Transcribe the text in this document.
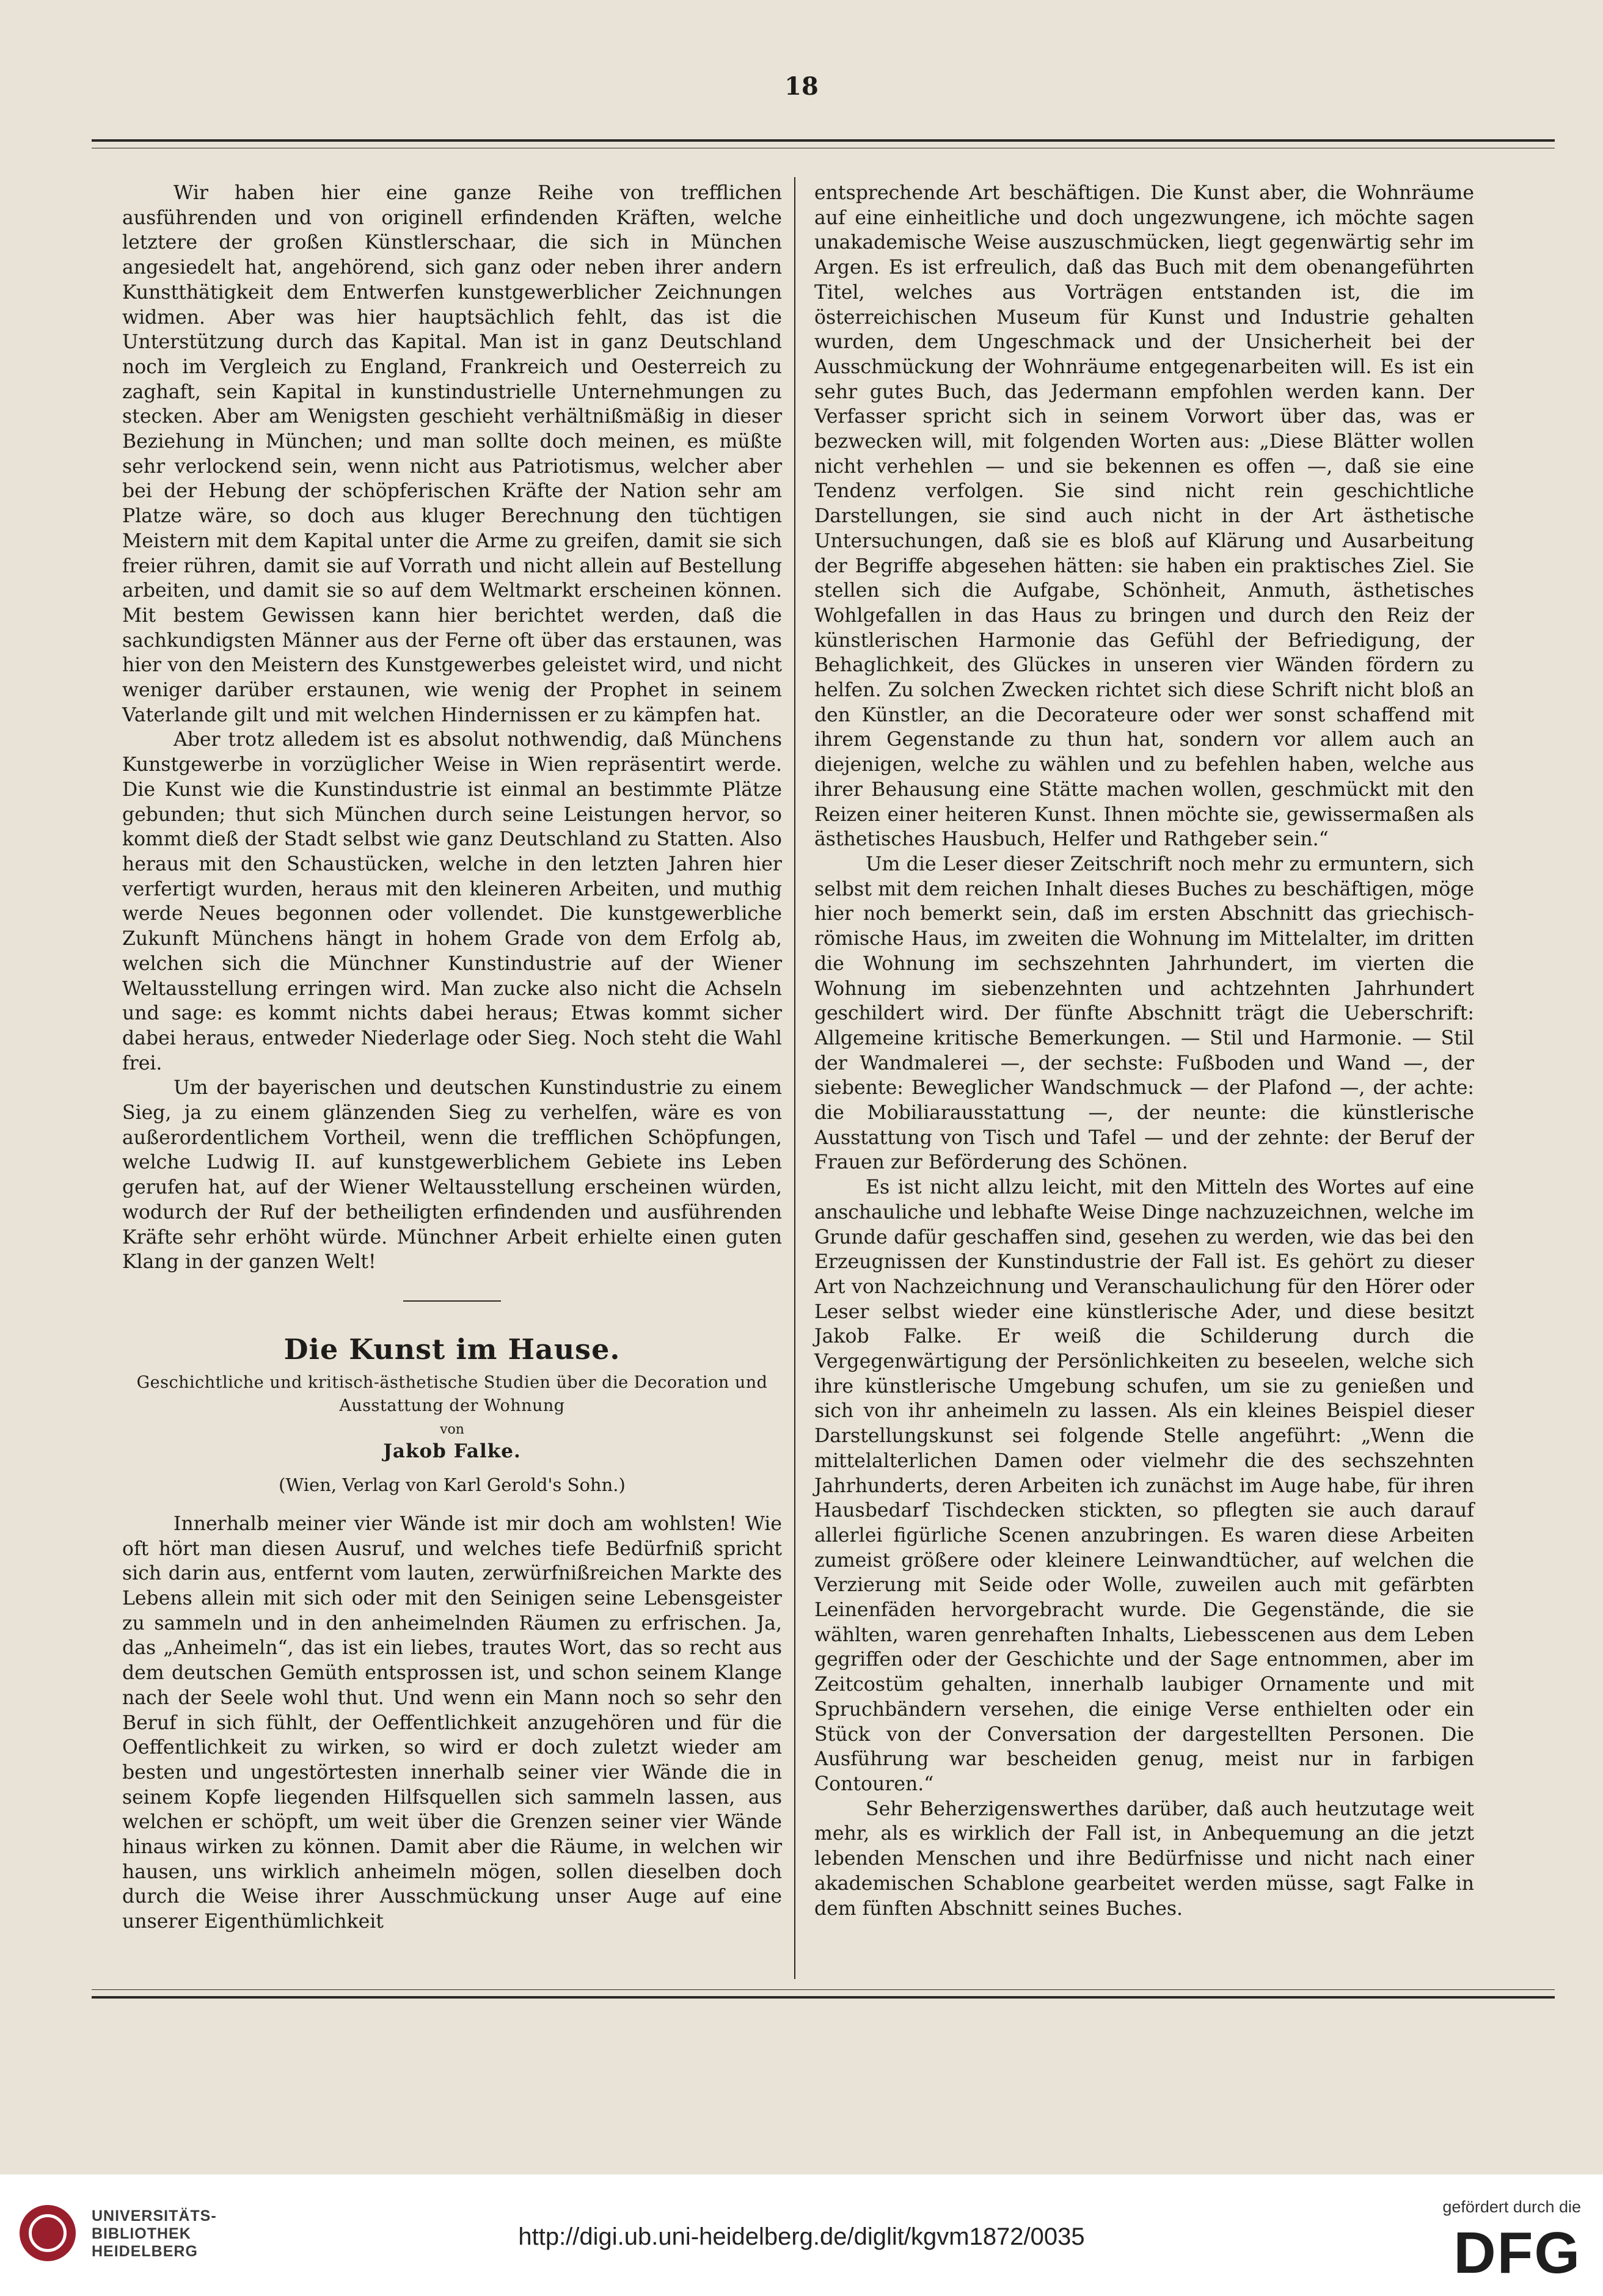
18

Wir haben hier eine ganze Reihe von trefflichen ausführenden und von originell erfindenden Kräften, welche letztere der großen Künstlerschaar, die sich in München angesiedelt hat, angehörend, sich ganz oder neben ihrer andern Kunstthätigkeit dem Entwerfen kunstgewerblicher Zeichnungen widmen. Aber was hier hauptsächlich fehlt, das ist die Unterstützung durch das Kapital. Man ist in ganz Deutschland noch im Vergleich zu England, Frankreich und Oesterreich zu zaghaft, sein Kapital in kunstindustrielle Unternehmungen zu stecken. Aber am Wenigsten geschieht verhältnißmäßig in dieser Beziehung in München; und man sollte doch meinen, es müßte sehr verlockend sein, wenn nicht aus Patriotismus, welcher aber bei der Hebung der schöpferischen Kräfte der Nation sehr am Platze wäre, so doch aus kluger Berechnung den tüchtigen Meistern mit dem Kapital unter die Arme zu greifen, damit sie sich freier rühren, damit sie auf Vorrath und nicht allein auf Bestellung arbeiten, und damit sie so auf dem Weltmarkt erscheinen können. Mit bestem Gewissen kann hier berichtet werden, daß die sachkundigsten Männer aus der Ferne oft über das erstaunen, was hier von den Meistern des Kunstgewerbes geleistet wird, und nicht weniger darüber erstaunen, wie wenig der Prophet in seinem Vaterlande gilt und mit welchen Hindernissen er zu kämpfen hat.

Aber trotz alledem ist es absolut nothwendig, daß Münchens Kunstgewerbe in vorzüglicher Weise in Wien repräsentirt werde. Die Kunst wie die Kunstindustrie ist einmal an bestimmte Plätze gebunden; thut sich München durch seine Leistungen hervor, so kommt dieß der Stadt selbst wie ganz Deutschland zu Statten. Also heraus mit den Schaustücken, welche in den letzten Jahren hier verfertigt wurden, heraus mit den kleineren Arbeiten, und muthig werde Neues begonnen oder vollendet. Die kunstgewerbliche Zukunft Münchens hängt in hohem Grade von dem Erfolg ab, welchen sich die Münchner Kunstindustrie auf der Wiener Weltausstellung erringen wird. Man zucke also nicht die Achseln und sage: es kommt nichts dabei heraus; Etwas kommt sicher dabei heraus, entweder Niederlage oder Sieg. Noch steht die Wahl frei.

Um der bayerischen und deutschen Kunstindustrie zu einem Sieg, ja zu einem glänzenden Sieg zu verhelfen, wäre es von außerordentlichem Vortheil, wenn die trefflichen Schöpfungen, welche Ludwig II. auf kunstgewerblichem Gebiete ins Leben gerufen hat, auf der Wiener Weltausstellung erscheinen würden, wodurch der Ruf der betheiligten erfindenden und ausführenden Kräfte sehr erhöht würde. Münchner Arbeit erhielte einen guten Klang in der ganzen Welt!

Die Kunst im Hause.
Geschichtliche und kritisch-ästhetische Studien über die Decoration und Ausstattung der Wohnung
von
Jakob Falke.
(Wien, Verlag von Karl Gerold's Sohn.)

Innerhalb meiner vier Wände ist mir doch am wohlsten! Wie oft hört man diesen Ausruf, und welches tiefe Bedürfniß spricht sich darin aus, entfernt vom lauten, zerwürfnißreichen Markte des Lebens allein mit sich oder mit den Seinigen seine Lebensgeister zu sammeln und in den anheimelnden Räumen zu erfrischen. Ja, das „Anheimeln“, das ist ein liebes, trautes Wort, das so recht aus dem deutschen Gemüth entsprossen ist, und schon seinem Klange nach der Seele wohl thut. Und wenn ein Mann noch so sehr den Beruf in sich fühlt, der Oeffentlichkeit anzugehören und für die Oeffentlichkeit zu wirken, so wird er doch zuletzt wieder am besten und ungestörtesten innerhalb seiner vier Wände die in seinem Kopfe liegenden Hilfsquellen sich sammeln lassen, aus welchen er schöpft, um weit über die Grenzen seiner vier Wände hinaus wirken zu können. Damit aber die Räume, in welchen wir hausen, uns wirklich anheimeln mögen, sollen dieselben doch durch die Weise ihrer Ausschmückung unser Auge auf eine unserer Eigenthümlichkeit

entsprechende Art beschäftigen. Die Kunst aber, die Wohnräume auf eine einheitliche und doch ungezwungene, ich möchte sagen unakademische Weise auszuschmücken, liegt gegenwärtig sehr im Argen. Es ist erfreulich, daß das Buch mit dem obenangeführten Titel, welches aus Vorträgen entstanden ist, die im österreichischen Museum für Kunst und Industrie gehalten wurden, dem Ungeschmack und der Unsicherheit bei der Ausschmückung der Wohnräume entgegenarbeiten will. Es ist ein sehr gutes Buch, das Jedermann empfohlen werden kann. Der Verfasser spricht sich in seinem Vorwort über das, was er bezwecken will, mit folgenden Worten aus: „Diese Blätter wollen nicht verhehlen — und sie bekennen es offen —, daß sie eine Tendenz verfolgen. Sie sind nicht rein geschichtliche Darstellungen, sie sind auch nicht in der Art ästhetische Untersuchungen, daß sie es bloß auf Klärung und Ausarbeitung der Begriffe abgesehen hätten: sie haben ein praktisches Ziel. Sie stellen sich die Aufgabe, Schönheit, Anmuth, ästhetisches Wohlgefallen in das Haus zu bringen und durch den Reiz der künstlerischen Harmonie das Gefühl der Befriedigung, der Behaglichkeit, des Glückes in unseren vier Wänden fördern zu helfen. Zu solchen Zwecken richtet sich diese Schrift nicht bloß an den Künstler, an die Decorateure oder wer sonst schaffend mit ihrem Gegenstande zu thun hat, sondern vor allem auch an diejenigen, welche zu wählen und zu befehlen haben, welche aus ihrer Behausung eine Stätte machen wollen, geschmückt mit den Reizen einer heiteren Kunst. Ihnen möchte sie, gewissermaßen als ästhetisches Hausbuch, Helfer und Rathgeber sein.“

Um die Leser dieser Zeitschrift noch mehr zu ermuntern, sich selbst mit dem reichen Inhalt dieses Buches zu beschäftigen, möge hier noch bemerkt sein, daß im ersten Abschnitt das griechisch-römische Haus, im zweiten die Wohnung im Mittelalter, im dritten die Wohnung im sechszehnten Jahrhundert, im vierten die Wohnung im siebenzehnten und achtzehnten Jahrhundert geschildert wird. Der fünfte Abschnitt trägt die Ueberschrift: Allgemeine kritische Bemerkungen. — Stil und Harmonie. — Stil der Wandmalerei —, der sechste: Fußboden und Wand —, der siebente: Beweglicher Wandschmuck — der Plafond —, der achte: die Mobiliarausstattung —, der neunte: die künstlerische Ausstattung von Tisch und Tafel — und der zehnte: der Beruf der Frauen zur Beförderung des Schönen.

Es ist nicht allzu leicht, mit den Mitteln des Wortes auf eine anschauliche und lebhafte Weise Dinge nachzuzeichnen, welche im Grunde dafür geschaffen sind, gesehen zu werden, wie das bei den Erzeugnissen der Kunstindustrie der Fall ist. Es gehört zu dieser Art von Nachzeichnung und Veranschaulichung für den Hörer oder Leser selbst wieder eine künstlerische Ader, und diese besitzt Jakob Falke. Er weiß die Schilderung durch die Vergegenwärtigung der Persönlichkeiten zu beseelen, welche sich ihre künstlerische Umgebung schufen, um sie zu genießen und sich von ihr anheimeln zu lassen. Als ein kleines Beispiel dieser Darstellungskunst sei folgende Stelle angeführt: „Wenn die mittelalterlichen Damen oder vielmehr die des sechszehnten Jahrhunderts, deren Arbeiten ich zunächst im Auge habe, für ihren Hausbedarf Tischdecken stickten, so pflegten sie auch darauf allerlei figürliche Scenen anzubringen. Es waren diese Arbeiten zumeist größere oder kleinere Leinwandtücher, auf welchen die Verzierung mit Seide oder Wolle, zuweilen auch mit gefärbten Leinenfäden hervorgebracht wurde. Die Gegenstände, die sie wählten, waren genrehaften Inhalts, Liebesscenen aus dem Leben gegriffen oder der Geschichte und der Sage entnommen, aber im Zeitcostüm gehalten, innerhalb laubiger Ornamente und mit Spruchbändern versehen, die einige Verse enthielten oder ein Stück von der Conversation der dargestellten Personen. Die Ausführung war bescheiden genug, meist nur in farbigen Contouren.“

Sehr Beherzigenswerthes darüber, daß auch heutzutage weit mehr, als es wirklich der Fall ist, in Anbequemung an die jetzt lebenden Menschen und ihre Bedürfnisse und nicht nach einer akademischen Schablone gearbeitet werden müsse, sagt Falke in dem fünften Abschnitt seines Buches.

UNIVERSITÄTS-
BIBLIOTHEK
HEIDELBERG
http://digi.ub.uni-heidelberg.de/diglit/kgvm1872/0035
gefördert durch die
DFG
